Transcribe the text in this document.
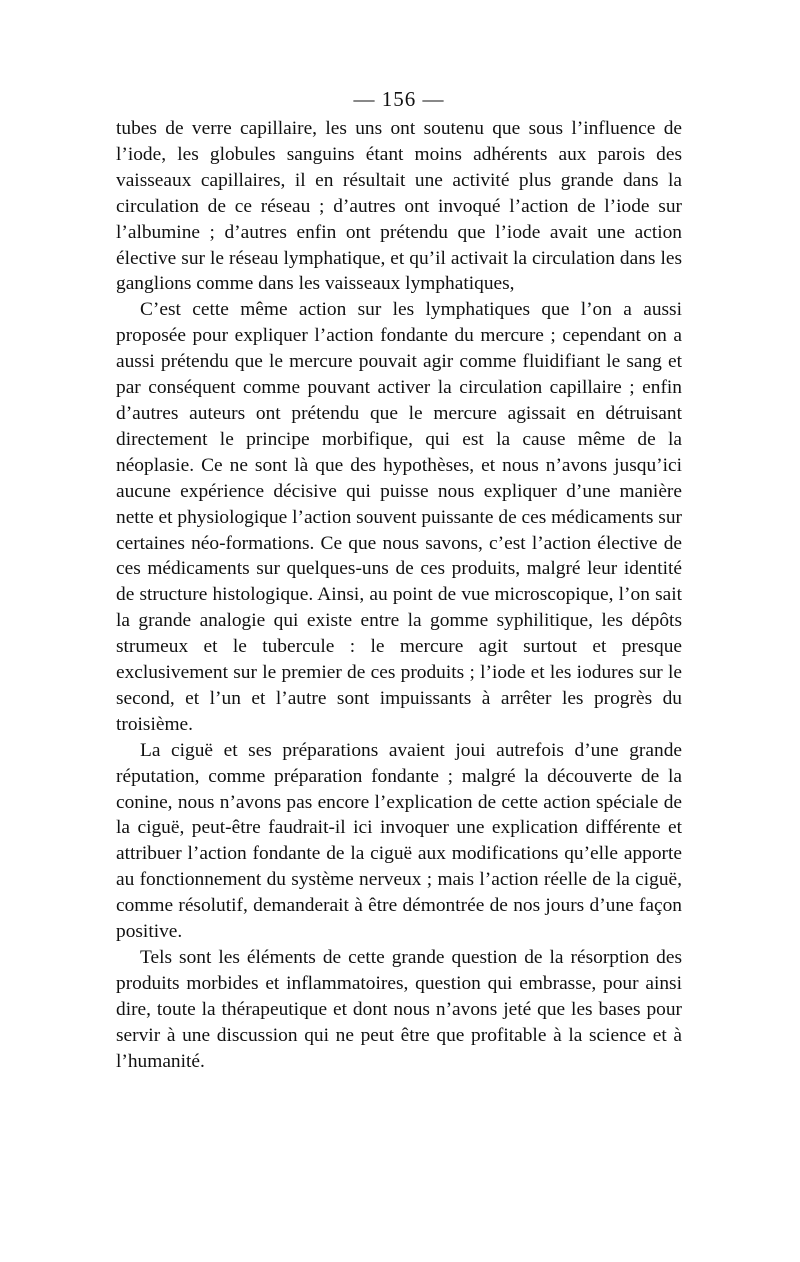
— 156 —

tubes de verre capillaire, les uns ont soutenu que sous l’influence de l’iode, les globules sanguins étant moins adhérents aux parois des vaisseaux capillaires, il en résultait une activité plus grande dans la circulation de ce réseau ; d’autres ont invoqué l’action de l’iode sur l’albumine ; d’autres enfin ont prétendu que l’iode avait une action élective sur le réseau lymphatique, et qu’il activait la circulation dans les ganglions comme dans les vaisseaux lymphatiques,

C’est cette même action sur les lymphatiques que l’on a aussi proposée pour expliquer l’action fondante du mercure ; cependant on a aussi prétendu que le mercure pouvait agir comme fluidifiant le sang et par conséquent comme pouvant activer la circulation capillaire ; enfin d’autres auteurs ont prétendu que le mercure agissait en détruisant directement le principe morbifique, qui est la cause même de la néoplasie. Ce ne sont là que des hypothèses, et nous n’avons jusqu’ici aucune expérience décisive qui puisse nous expliquer d’une manière nette et physiologique l’action souvent puissante de ces médicaments sur certaines néo-formations. Ce que nous savons, c’est l’action élective de ces médicaments sur quelques-uns de ces produits, malgré leur identité de structure histologique. Ainsi, au point de vue microscopique, l’on sait la grande analogie qui existe entre la gomme syphilitique, les dépôts strumeux et le tubercule : le mercure agit surtout et presque exclusivement sur le premier de ces produits ; l’iode et les iodures sur le second, et l’un et l’autre sont impuissants à arrêter les progrès du troisième.

La ciguë et ses préparations avaient joui autrefois d’une grande réputation, comme préparation fondante ; malgré la découverte de la conine, nous n’avons pas encore l’explication de cette action spéciale de la ciguë, peut-être faudrait-il ici invoquer une explication différente et attribuer l’action fondante de la ciguë aux modifications qu’elle apporte au fonctionnement du système nerveux ; mais l’action réelle de la ciguë, comme résolutif, demanderait à être démontrée de nos jours d’une façon positive.

Tels sont les éléments de cette grande question de la résorption des produits morbides et inflammatoires, question qui embrasse, pour ainsi dire, toute la thérapeutique et dont nous n’avons jeté que les bases pour servir à une discussion qui ne peut être que profitable à la science et à l’humanité.
